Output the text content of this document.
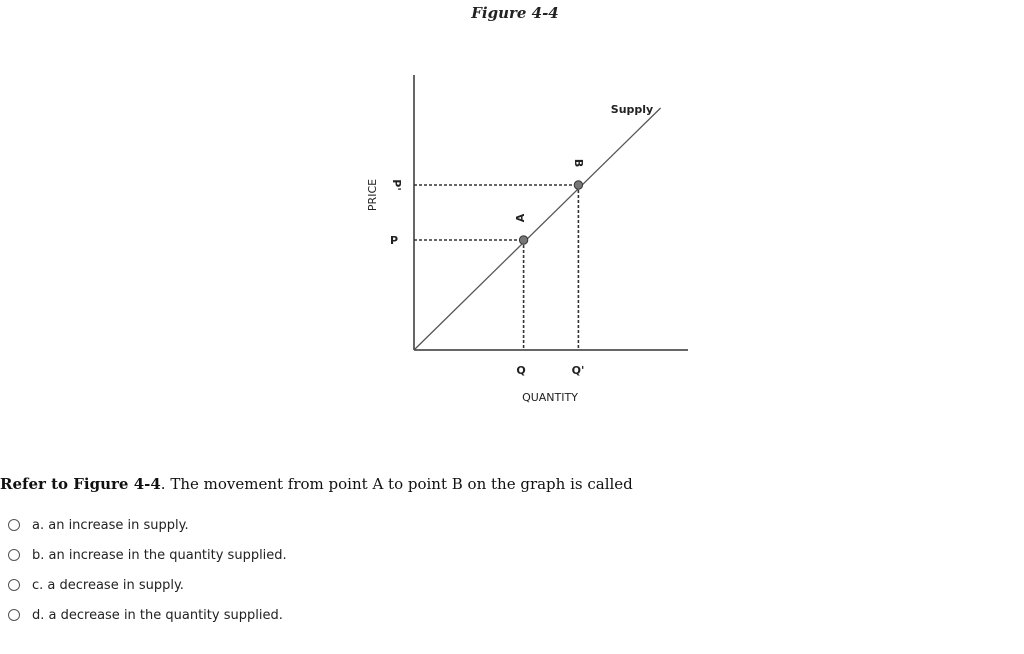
Figure 4-4
PRICE
QUANTITY
Supply
P
P'
Q	Q'
A
B
Refer to Figure 4-4. The movement from point A to point B on the graph is called
a. an increase in supply.
b. an increase in the quantity supplied.
c. a decrease in supply.
d. a decrease in the quantity supplied.
